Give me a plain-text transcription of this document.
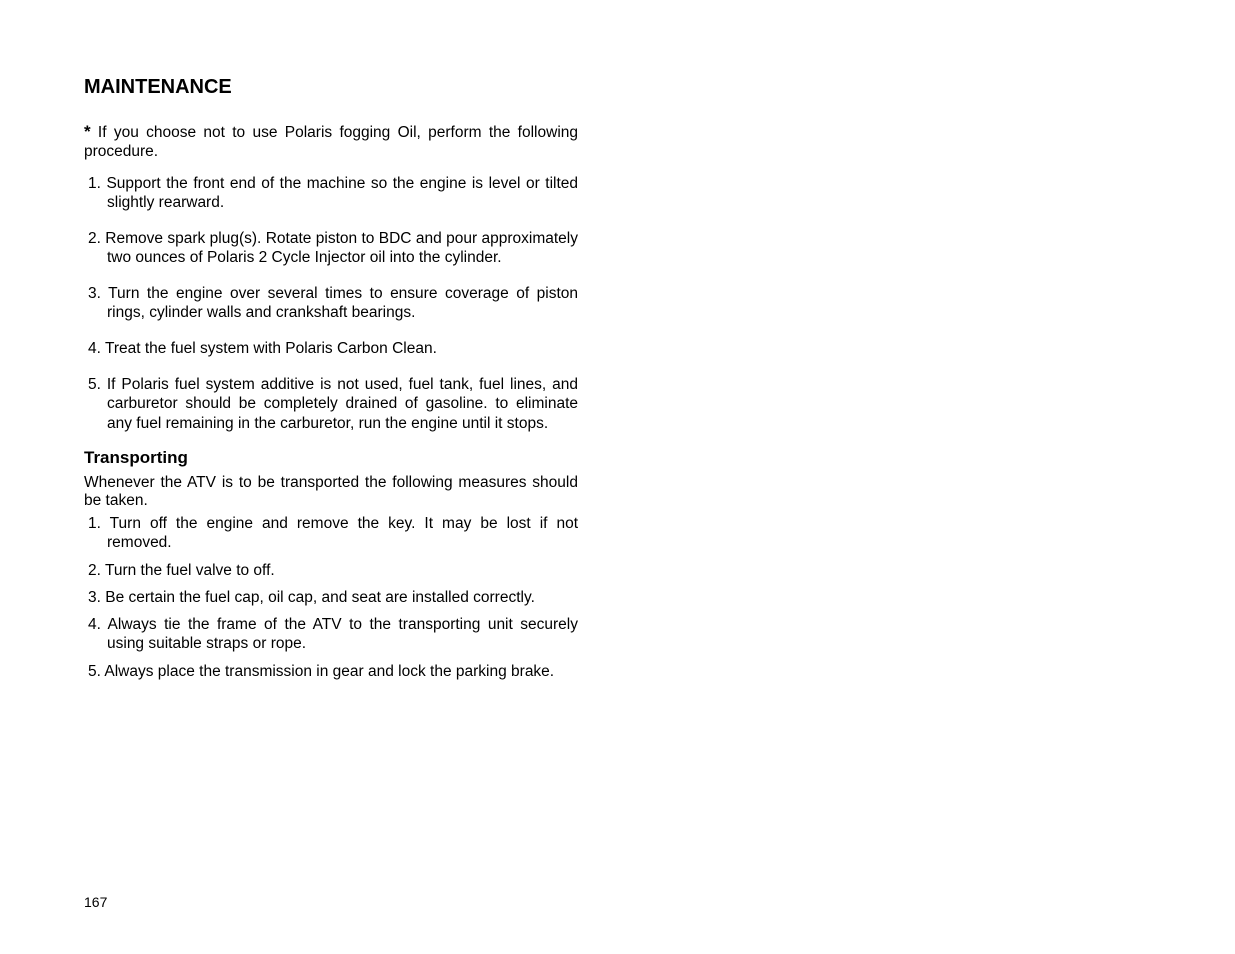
MAINTENANCE

* If you choose not to use Polaris fogging Oil, perform the following procedure.

1. Support the front end of the machine so the engine is level or tilted slightly rearward.

2. Remove spark plug(s). Rotate piston to BDC and pour approximately two ounces of Polaris 2 Cycle Injector oil into the cylinder.

3. Turn the engine over several times to ensure coverage of piston rings, cylinder walls and crankshaft bearings.

4. Treat the fuel system with Polaris Carbon Clean.

5. If Polaris fuel system additive is not used, fuel tank, fuel lines, and carburetor should be completely drained of gasoline. to eliminate any fuel remaining in the carburetor, run the engine until it stops.

Transporting

Whenever the ATV is to be transported the following measures should be taken.

1. Turn off the engine and remove the key. It may be lost if not removed.

2. Turn the fuel valve to off.

3. Be certain the fuel cap, oil cap, and seat are installed correctly.

4. Always tie the frame of the ATV to the transporting unit securely using suitable straps or rope.

5. Always place the transmission in gear and lock the parking brake.

167
